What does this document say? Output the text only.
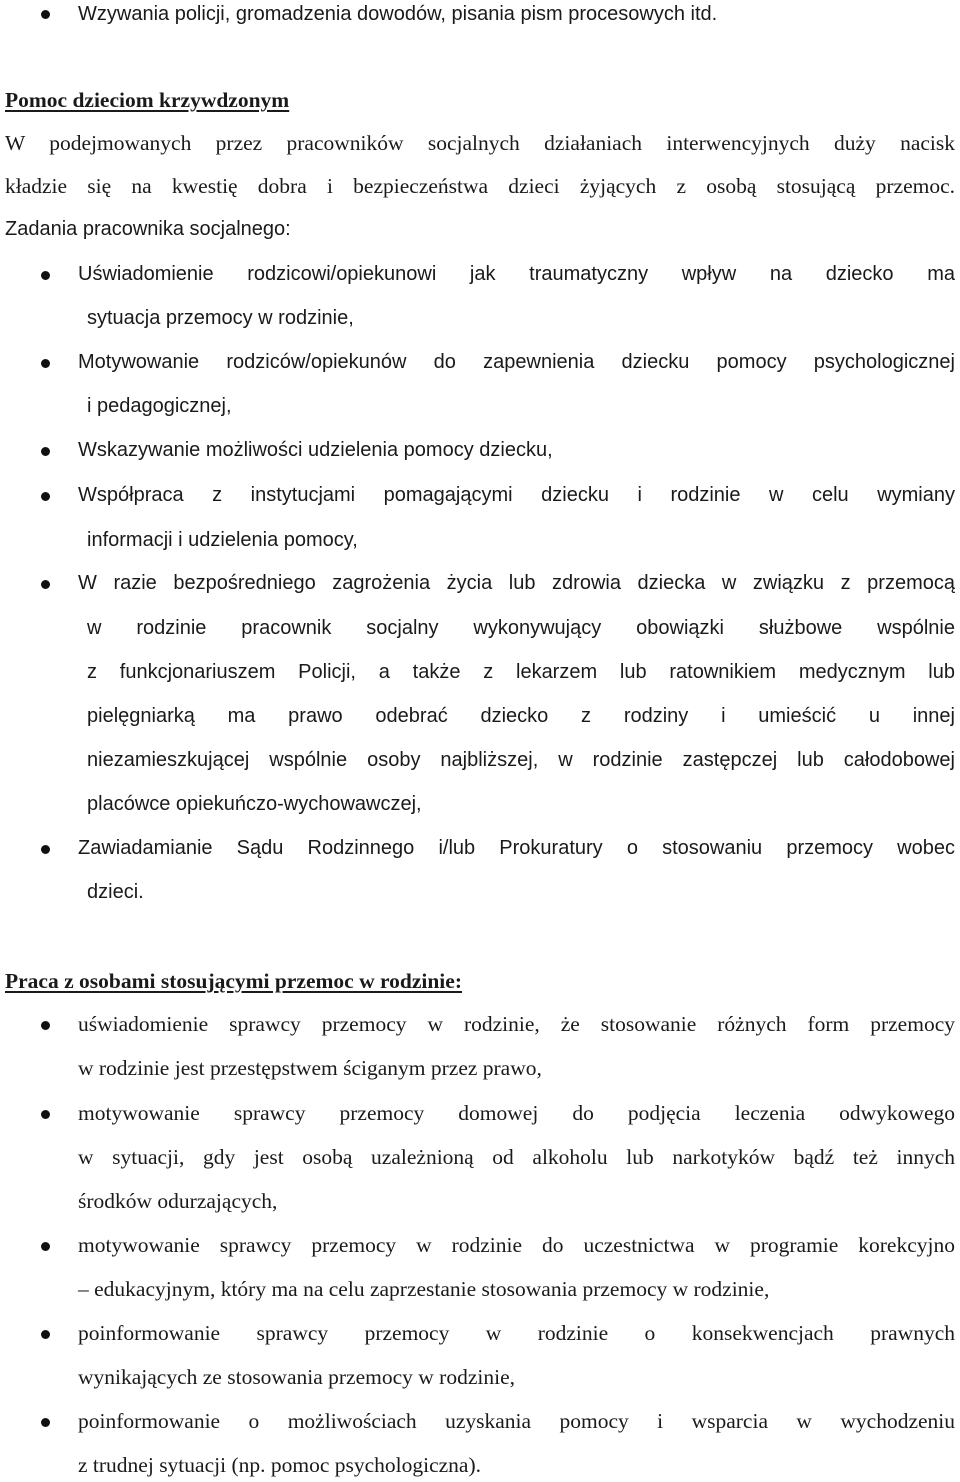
Wzywania policji, gromadzenia dowodów, pisania pism procesowych itd.
Pomoc dzieciom krzywdzonym
W podejmowanych przez pracowników socjalnych działaniach interwencyjnych duży nacisk
kładzie się na kwestię dobra i bezpieczeństwa dzieci żyjących z osobą stosującą przemoc.
Zadania pracownika socjalnego:
Uświadomienie rodzicowi/opiekunowi jak traumatyczny wpływ na dziecko ma
sytuacja przemocy w rodzinie,
Motywowanie rodziców/opiekunów do zapewnienia dziecku pomocy psychologicznej
i pedagogicznej,
Wskazywanie możliwości udzielenia pomocy dziecku,
Współpraca z instytucjami pomagającymi dziecku i rodzinie w celu wymiany
informacji i udzielenia pomocy,
W razie bezpośredniego zagrożenia życia lub zdrowia dziecka w związku z przemocą
w rodzinie pracownik socjalny wykonywujący obowiązki służbowe wspólnie
z funkcjonariuszem Policji, a także z lekarzem lub ratownikiem medycznym lub
pielęgniarką ma prawo odebrać dziecko z rodziny i umieścić u innej
niezamieszkującej wspólnie osoby najbliższej, w rodzinie zastępczej lub całodobowej
placówce opiekuńczo-wychowawczej,
Zawiadamianie Sądu Rodzinnego i/lub Prokuratury o stosowaniu przemocy wobec
dzieci.
Praca z osobami stosującymi przemoc w rodzinie:
uświadomienie sprawcy przemocy w rodzinie, że stosowanie różnych form przemocy
w rodzinie jest przestępstwem ściganym przez prawo,
motywowanie sprawcy przemocy domowej do podjęcia leczenia odwykowego
w sytuacji, gdy jest osobą uzależnioną od alkoholu lub narkotyków bądź też innych
środków odurzających,
motywowanie sprawcy przemocy w rodzinie do uczestnictwa w programie korekcyjno
– edukacyjnym, który ma na celu zaprzestanie stosowania przemocy w rodzinie,
poinformowanie sprawcy przemocy w rodzinie o konsekwencjach prawnych
wynikających ze stosowania przemocy w rodzinie,
poinformowanie o możliwościach uzyskania pomocy i wsparcia w wychodzeniu
z trudnej sytuacji (np. pomoc psychologiczna).
